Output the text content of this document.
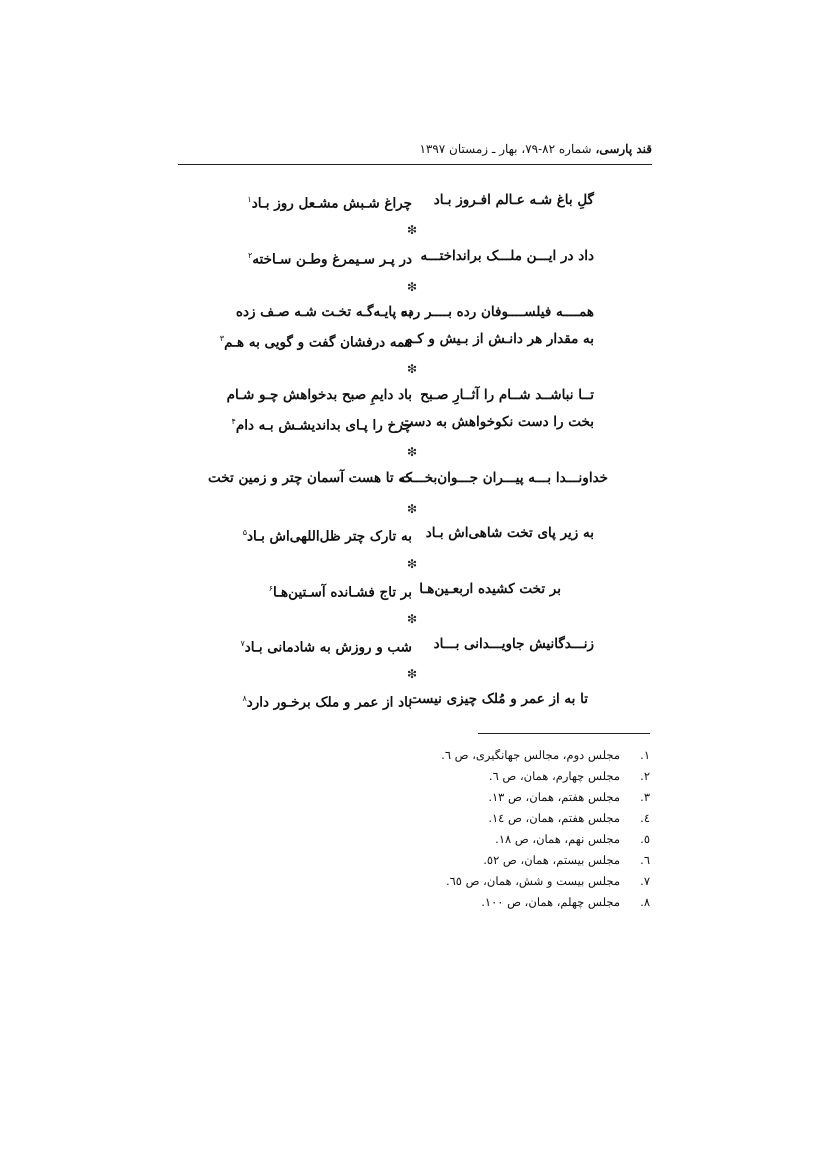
قند پارسی، شماره ۸۲-۷۹، بهار ـ زمستان ۱۳۹۷
گلِ باغ شـه عـالم افـروز بـاد
چراغ شـبش مشـعل روز بـاد$^۱$
❇
داد در ایـــن ملـــک برانداختـــه
در پـر سـیمرغ وطـن سـاخته$^۲$
❇
همــــه فیلســــوفان رده بــــر رده
به پایـه‌گـه تخـت شـه صـف زده
به مقدار هر دانـش از بـیش و کـم
همه درفشان گفت و گویی به هـم$^۳$
❇
تــا نباشــد شــام را آثــارِ صـبح
باد دایمِ صبح بدخواهش چـو شـام
بخت را دست نکوخواهش به دست
چرخ را پـای بداندیشـش بـه دام$^۴$
❇
خداونـــدا بـــه پیـــران جـــوان‌بخـــت
که تا هست آسمان چتر و زمین تخت
❇
به زیر پای تخت شاهی‌اش بـاد
به تارک چتر ظل‌اللهی‌اش بـاد$^۵$
❇
بر تخت کشیده اربعـین‌هـا
بر تاج فشـانده آسـتین‌هـا$^۶$
❇
زنـــدگانیش جاویـــدانی بـــاد
شب و روزش به شادمانی بـاد$^۷$
❇
تا به از عمر و مُلک چیزی نیست
باد از عمر و ملک برخـور دارد$^۸$
۱.مجلس دوم، مجالس جهانگیری، ص ٦.
۲.مجلس چهارم، همان، ص ٦.
۳.مجلس هفتم، همان، ص ۱۳.
٤.مجلس هفتم، همان، ص ١٤.
٥.مجلس نهم، همان، ص ۱۸.
٦.مجلس بیستم، همان، ص ٥٢.
۷.مجلس بیست و شش، همان، ص ٦٥.
۸.مجلس چهلم، همان، ص ۱۰۰.
